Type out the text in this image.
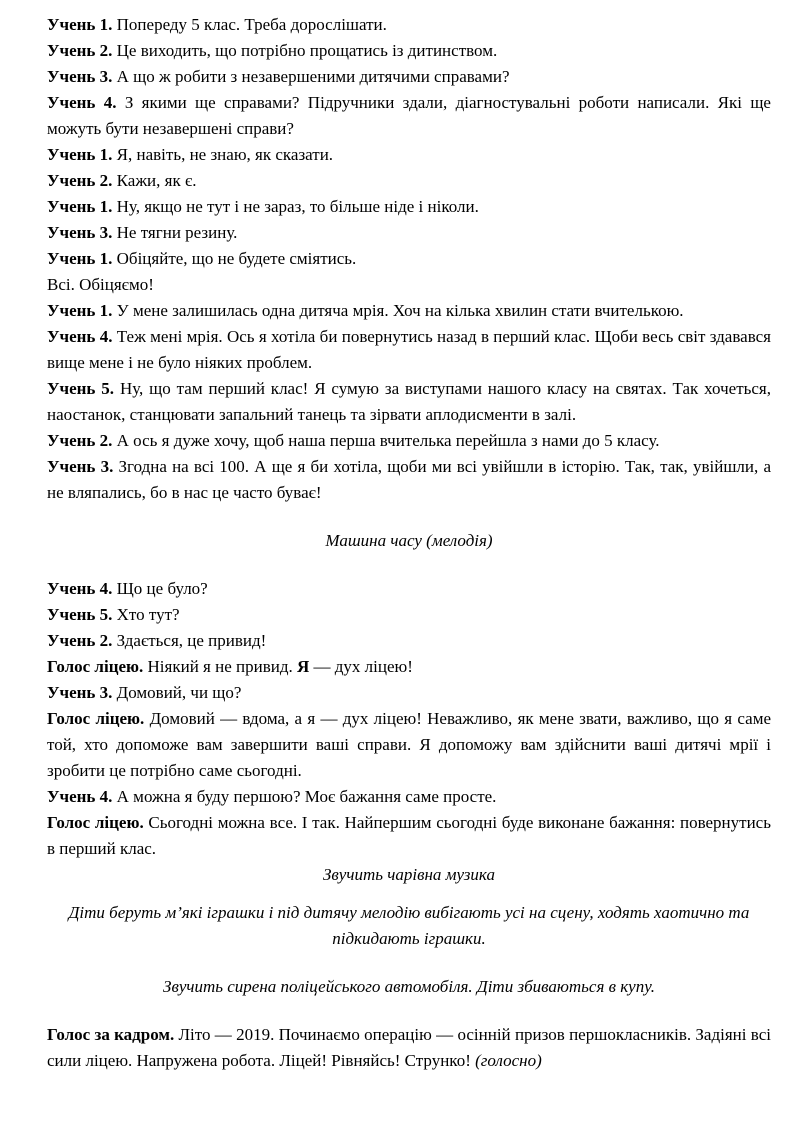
Учень 1. Попереду 5 клас. Треба дорослішати.

Учень 2. Це виходить, що потрібно прощатись із дитинством.

Учень 3. А що ж робити з незавершеними дитячими справами?

Учень 4. З якими ще справами? Підручники здали, діагностувальні роботи написали. Які ще можуть бути незавершені справи?

Учень 1. Я, навіть, не знаю, як сказати.

Учень 2. Кажи, як є.

Учень 1. Ну, якщо не тут і не зараз, то більше ніде і ніколи.

Учень 3. Не тягни резину.

Учень 1. Обіцяйте, що не будете сміятись.

Всі. Обіцяємо!

Учень 1. У мене залишилась одна дитяча мрія. Хоч на кілька хвилин стати вчителькою.

Учень 4. Теж мені мрія. Ось я хотіла би повернутись назад в перший клас. Щоби весь світ здавався вище мене і не було ніяких проблем.

Учень 5. Ну, що там перший клас! Я сумую за виступами нашого класу на святах. Так хочеться, наостанок, станцювати запальний танець та зірвати аплодисменти в залі.

Учень 2. А ось я дуже хочу, щоб наша перша вчителька перейшла з нами до 5 класу.

Учень 3. Згодна на всі 100. А ще я би хотіла, щоби ми всі увійшли в історію. Так, так, увійшли, а не вляпались, бо в нас це часто буває!

Машина часу (мелодія)

Учень 4. Що це було?

Учень 5. Хто тут?

Учень 2. Здається, це привид!

Голос ліцею. Ніякий я не привид. Я — дух ліцею!

Учень 3. Домовий, чи що?

Голос ліцею. Домовий — вдома, а я — дух ліцею! Неважливо, як мене звати, важливо, що я саме той, хто допоможе вам завершити ваші справи. Я допоможу вам здійснити ваші дитячі мрії і зробити це потрібно саме сьогодні.

Учень 4. А можна я буду першою? Моє бажання саме просте.

Голос ліцею. Сьогодні можна все. І так. Найпершим сьогодні буде виконане бажання: повернутись в перший клас.

Звучить чарівна музика

Діти беруть м’які іграшки і під дитячу мелодію вибігають усі на сцену, ходять хаотично та підкидають іграшки.

Звучить сирена поліцейського автомобіля. Діти збиваються в купу.

Голос за кадром. Літо — 2019. Починаємо операцію — осінній призов першокласників. Задіяні всі сили ліцею. Напружена робота. Ліцей! Рівняйсь! Струнко! (голосно)
